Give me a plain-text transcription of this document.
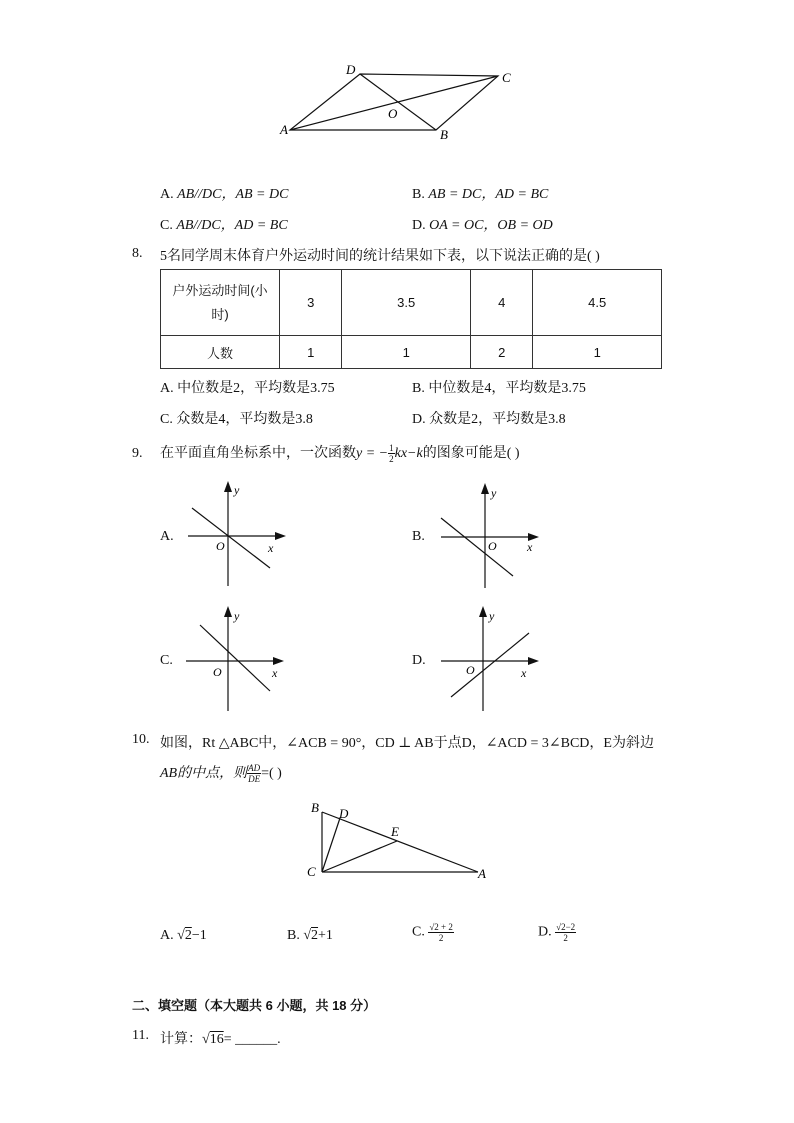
D
C
O
A	B
A. AB//DC，AB = DC	B. AB = DC，AD = BC
C. AB//DC，AD = BC	D. OA = OC，OB = OD
8. 5名同学周末体育户外运动时间的统计结果如下表，以下说法正确的是( )
户外运动时间(小
时)	3	3.5	4	4.5
人数	1	1	2	1
A. 中位数是2，平均数是3.75	B. 中位数是4，平均数是3.75
C. 众数是4，平均数是3.8	D. 众数是2，平均数是3.8
9. 在平面直角坐标系中，一次函数y = − $\frac{1}{2} kx-k$的图象可能是( )
A.
y
x
O
B.
y
x
O
C.
y
x
O
D.
y
x
O
10. 如图，Rt △ABC中，∠ACB = 90°，CD ⊥ AB于点D，∠ACD = 3∠BCD，E为斜边
AB的中点，则 $\frac{AD}{DE}$ =( )
B D
E
C	A
A. √2−1	B. √2+1	C. $\frac{√2 + 2}{2}$	D. $\frac{√2-2}{2}$
二、填空题（本大题共 6 小题，共 18 分）
11. 计算：√16= ______.
